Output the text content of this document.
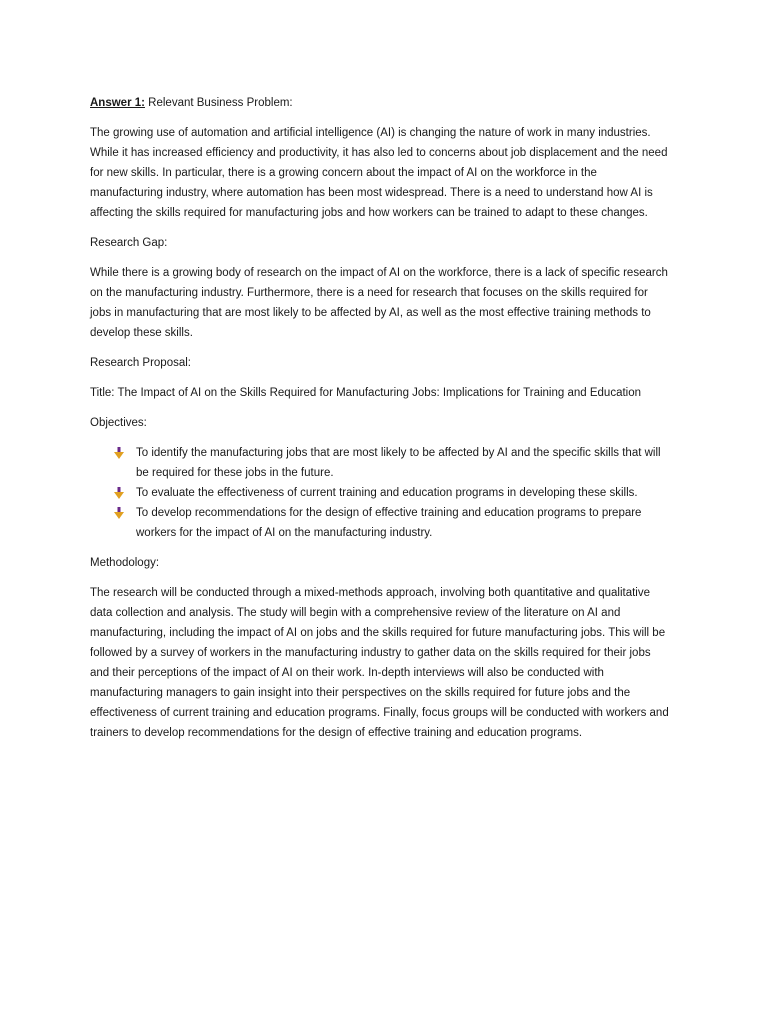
Answer 1: Relevant Business Problem:

The growing use of automation and artificial intelligence (AI) is changing the nature of work in many industries. While it has increased efficiency and productivity, it has also led to concerns about job displacement and the need for new skills. In particular, there is a growing concern about the impact of AI on the workforce in the manufacturing industry, where automation has been most widespread. There is a need to understand how AI is affecting the skills required for manufacturing jobs and how workers can be trained to adapt to these changes.

Research Gap:

While there is a growing body of research on the impact of AI on the workforce, there is a lack of specific research on the manufacturing industry. Furthermore, there is a need for research that focuses on the skills required for jobs in manufacturing that are most likely to be affected by AI, as well as the most effective training methods to develop these skills.

Research Proposal:

Title: The Impact of AI on the Skills Required for Manufacturing Jobs: Implications for Training and Education

Objectives:

To identify the manufacturing jobs that are most likely to be affected by AI and the specific skills that will be required for these jobs in the future.
To evaluate the effectiveness of current training and education programs in developing these skills.
To develop recommendations for the design of effective training and education programs to prepare workers for the impact of AI on the manufacturing industry.

Methodology:

The research will be conducted through a mixed-methods approach, involving both quantitative and qualitative data collection and analysis. The study will begin with a comprehensive review of the literature on AI and manufacturing, including the impact of AI on jobs and the skills required for future manufacturing jobs. This will be followed by a survey of workers in the manufacturing industry to gather data on the skills required for their jobs and their perceptions of the impact of AI on their work. In-depth interviews will also be conducted with manufacturing managers to gain insight into their perspectives on the skills required for future jobs and the effectiveness of current training and education programs. Finally, focus groups will be conducted with workers and trainers to develop recommendations for the design of effective training and education programs.
